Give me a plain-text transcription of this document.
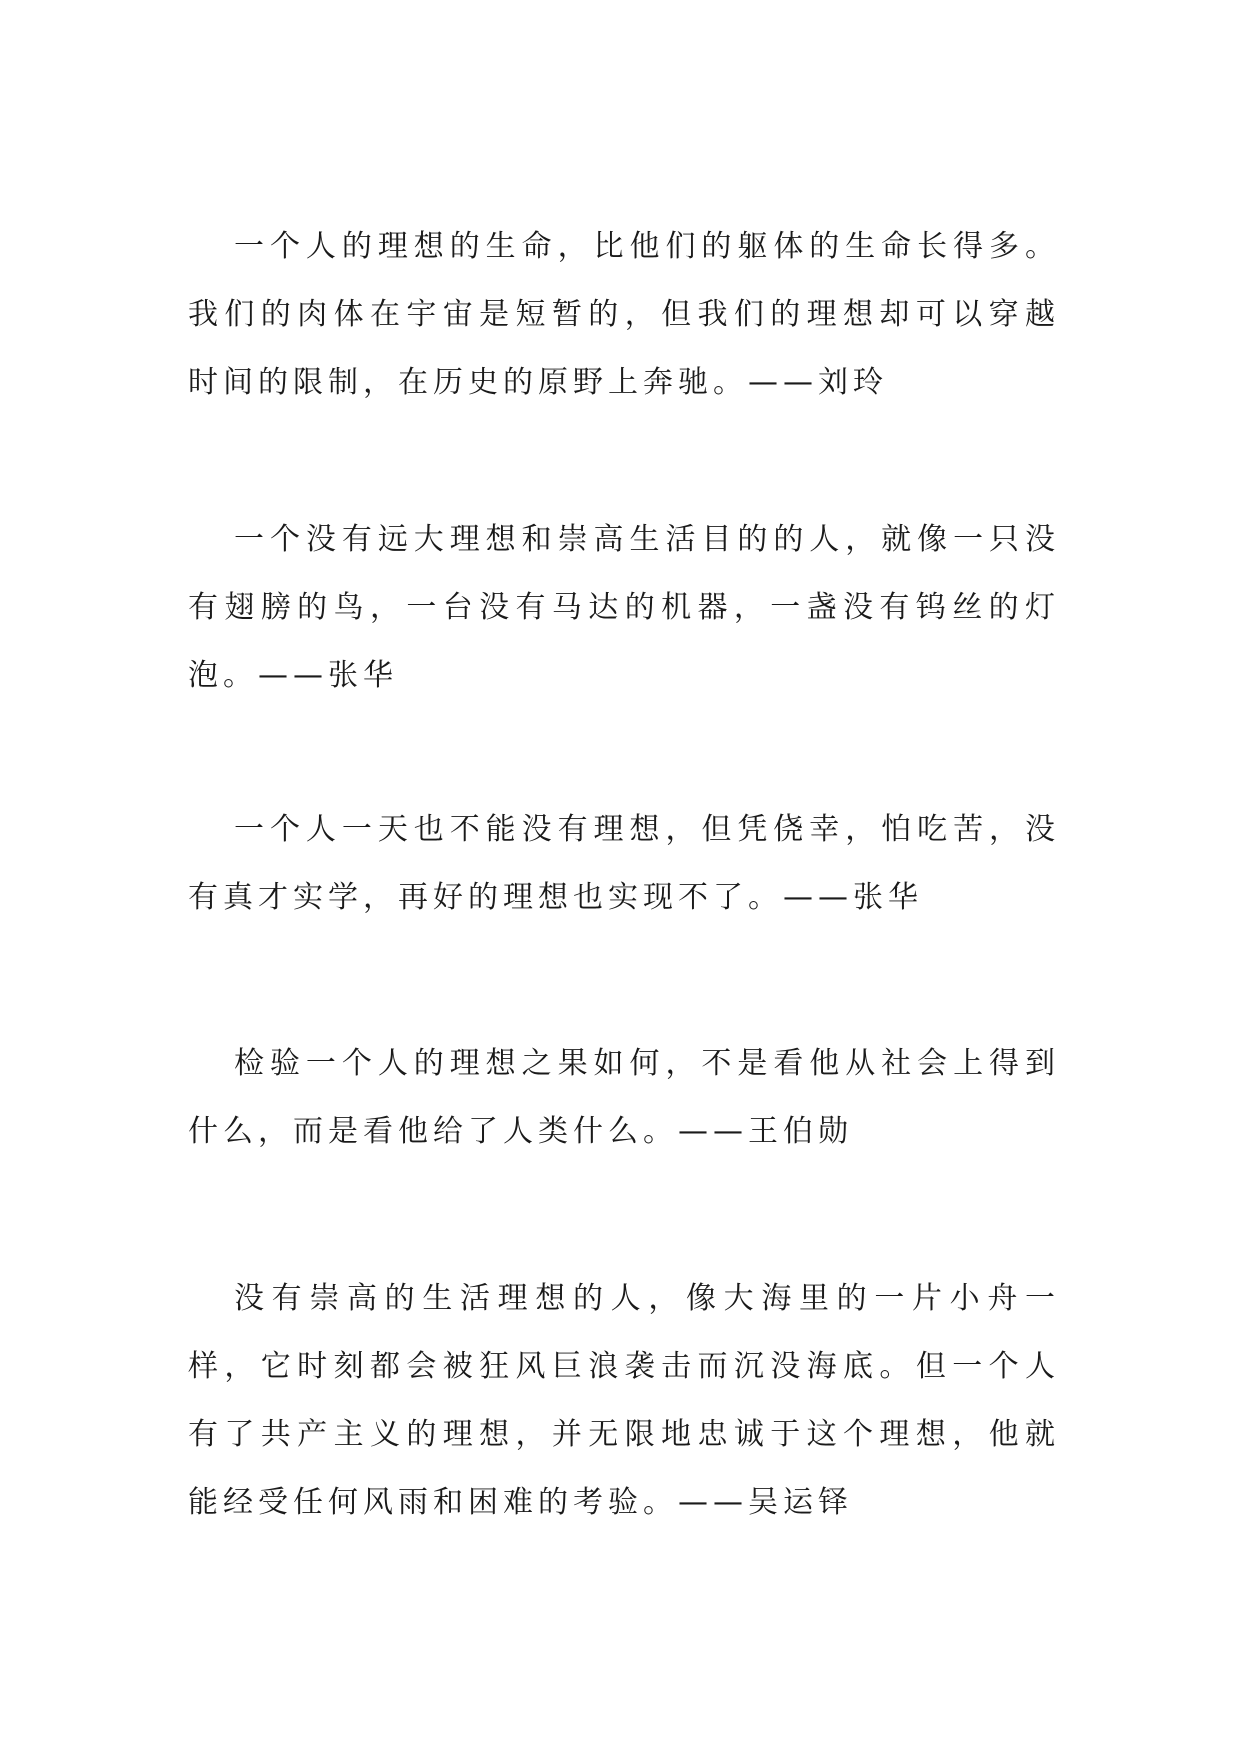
一个人的理想的生命，比他们的躯体的生命长得多。我们的肉体在宇宙是短暂的，但我们的理想却可以穿越时间的限制，在历史的原野上奔驰。——刘玲

一个没有远大理想和崇高生活目的的人，就像一只没有翅膀的鸟，一台没有马达的机器，一盏没有钨丝的灯泡。——张华

一个人一天也不能没有理想，但凭侥幸，怕吃苦，没有真才实学，再好的理想也实现不了。——张华

检验一个人的理想之果如何，不是看他从社会上得到什么，而是看他给了人类什么。——王伯勋

没有崇高的生活理想的人，像大海里的一片小舟一样，它时刻都会被狂风巨浪袭击而沉没海底。但一个人有了共产主义的理想，并无限地忠诚于这个理想，他就能经受任何风雨和困难的考验。——吴运铎
